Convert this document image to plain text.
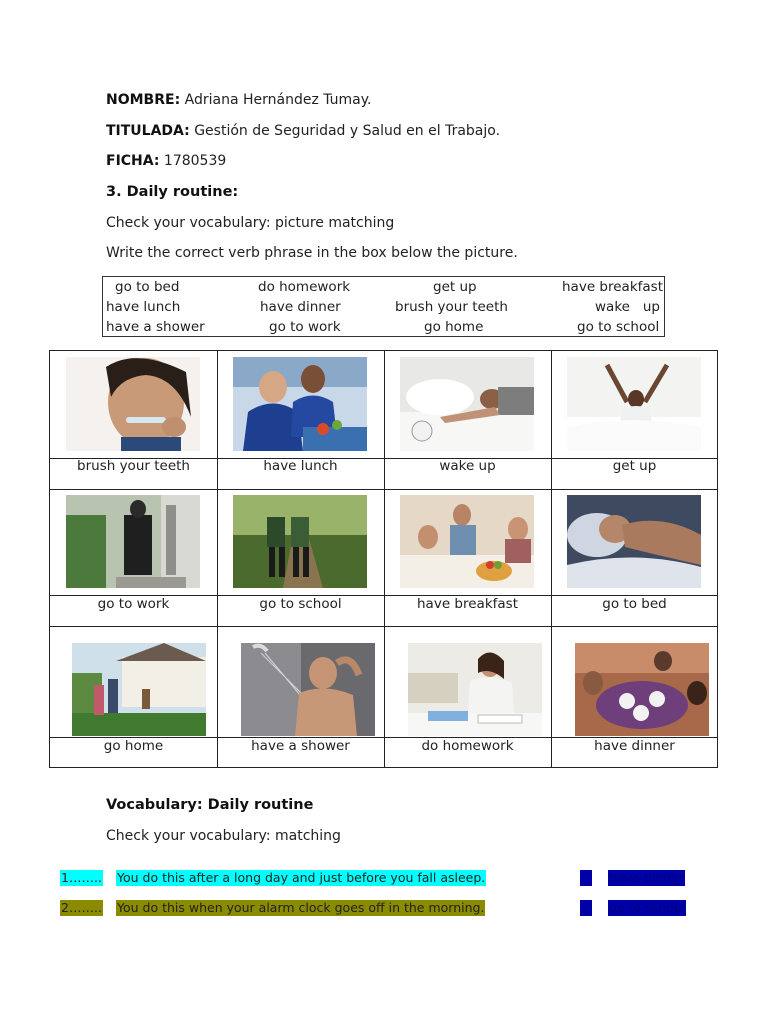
NOMBRE: Adriana Hernández Tumay.
TITULADA: Gestión de Seguridad y Salud en el Trabajo.
FICHA: 1780539
3. Daily routine:
Check your vocabulary: picture matching
Write the correct verb phrase in the box below the picture.
go to bed	do homework	get up	have breakfast
have lunch	have dinner	brush your teeth	wake   up
have a shower	go to work	go home	go to school
brush your teeth	have lunch	wake up	get up
go to work	go to school	have breakfast	go to bed
go home	have a shower	do homework	have dinner
Vocabulary: Daily routine
Check your vocabulary: matching
1…….. You do this after a long day and just before you fall asleep.	have dinner
2…….. You do this when your alarm clock goes off in the morning.	go to school
